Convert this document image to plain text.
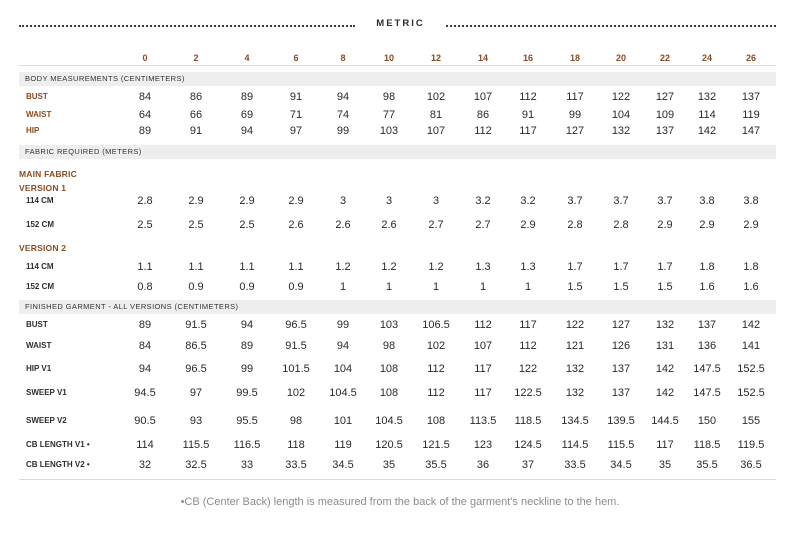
METRIC
0	2	4	6	8	10	12	14	16	18	20	22	24	26
BODY MEASUREMENTS (CENTIMETERS)
BUST	84	86	89	91	94	98	102	107	112	117	122	127	132	137
WAIST	64	66	69	71	74	77	81	86	91	99	104	109	114	119
HIP	89	91	94	97	99	103	107	112	117	127	132	137	142	147
FABRIC REQUIRED (METERS)
MAIN FABRIC
VERSION 1
114 CM	2.8	2.9	2.9	2.9	3	3	3	3.2	3.2	3.7	3.7	3.7	3.8	3.8
152 CM	2.5	2.5	2.5	2.6	2.6	2.6	2.7	2.7	2.9	2.8	2.8	2.9	2.9	2.9
VERSION 2
114 CM	1.1	1.1	1.1	1.1	1.2	1.2	1.2	1.3	1.3	1.7	1.7	1.7	1.8	1.8
152 CM	0.8	0.9	0.9	0.9	1	1	1	1	1	1.5	1.5	1.5	1.6	1.6
FINISHED GARMENT - ALL VERSIONS (CENTIMETERS)
BUST	89	91.5	94	96.5	99	103	106.5	112	117	122	127	132	137	142
WAIST	84	86.5	89	91.5	94	98	102	107	112	121	126	131	136	141
HIP V1	94	96.5	99	101.5	104	108	112	117	122	132	137	142	147.5	152.5
SWEEP V1	94.5	97	99.5	102	104.5	108	112	117	122.5	132	137	142	147.5	152.5
SWEEP V2	90.5	93	95.5	98	101	104.5	108	113.5	118.5	134.5	139.5	144.5	150	155
CB LENGTH V1 •	114	115.5	116.5	118	119	120.5	121.5	123	124.5	114.5	115.5	117	118.5	119.5
CB LENGTH V2 •	32	32.5	33	33.5	34.5	35	35.5	36	37	33.5	34.5	35	35.5	36.5
•CB (Center Back) length is measured from the back of the garment's neckline to the hem.
